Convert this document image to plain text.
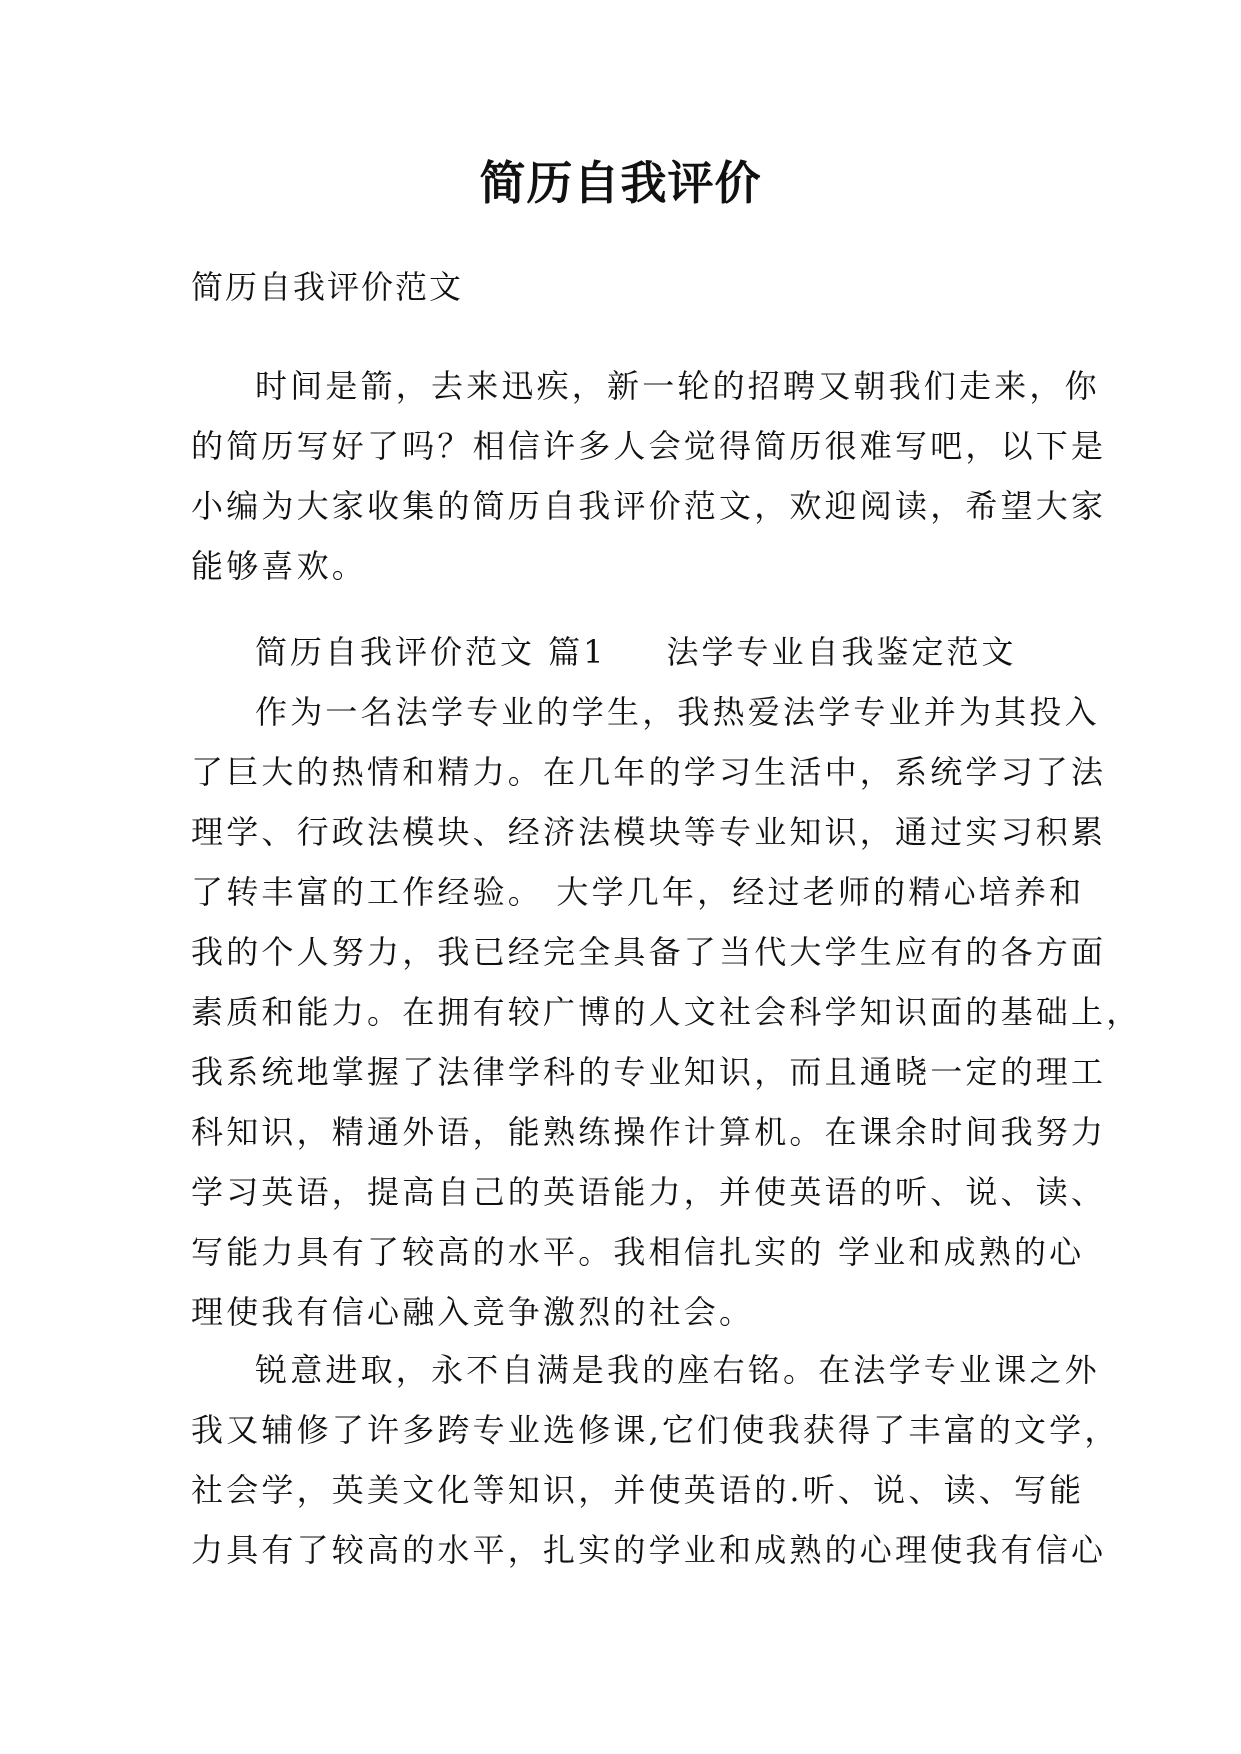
简历自我评价
简历自我评价范文
时间是箭，去来迅疾，新一轮的招聘又朝我们走来，你
的简历写好了吗？相信许多人会觉得简历很难写吧，以下是
小编为大家收集的简历自我评价范文，欢迎阅读，希望大家
能够喜欢。
简历自我评价范文 篇1 法学专业自我鉴定范文
作为一名法学专业的学生，我热爱法学专业并为其投入
了巨大的热情和精力。在几年的学习生活中，系统学习了法
理学、行政法模块、经济法模块等专业知识，通过实习积累
了转丰富的工作经验。 大学几年，经过老师的精心培养和
我的个人努力，我已经完全具备了当代大学生应有的各方面
素质和能力。在拥有较广博的人文社会科学知识面的基础上，
我系统地掌握了法律学科的专业知识，而且通晓一定的理工
科知识，精通外语，能熟练操作计算机。在课余时间我努力
学习英语，提高自己的英语能力，并使英语的听、说、读、
写能力具有了较高的水平。我相信扎实的 学业和成熟的心
理使我有信心融入竞争激烈的社会。
锐意进取，永不自满是我的座右铭。在法学专业课之外
我又辅修了许多跨专业选修课,它们使我获得了丰富的文学，
社会学，英美文化等知识，并使英语的.听、说、读、写能
力具有了较高的水平，扎实的学业和成熟的心理使我有信心
